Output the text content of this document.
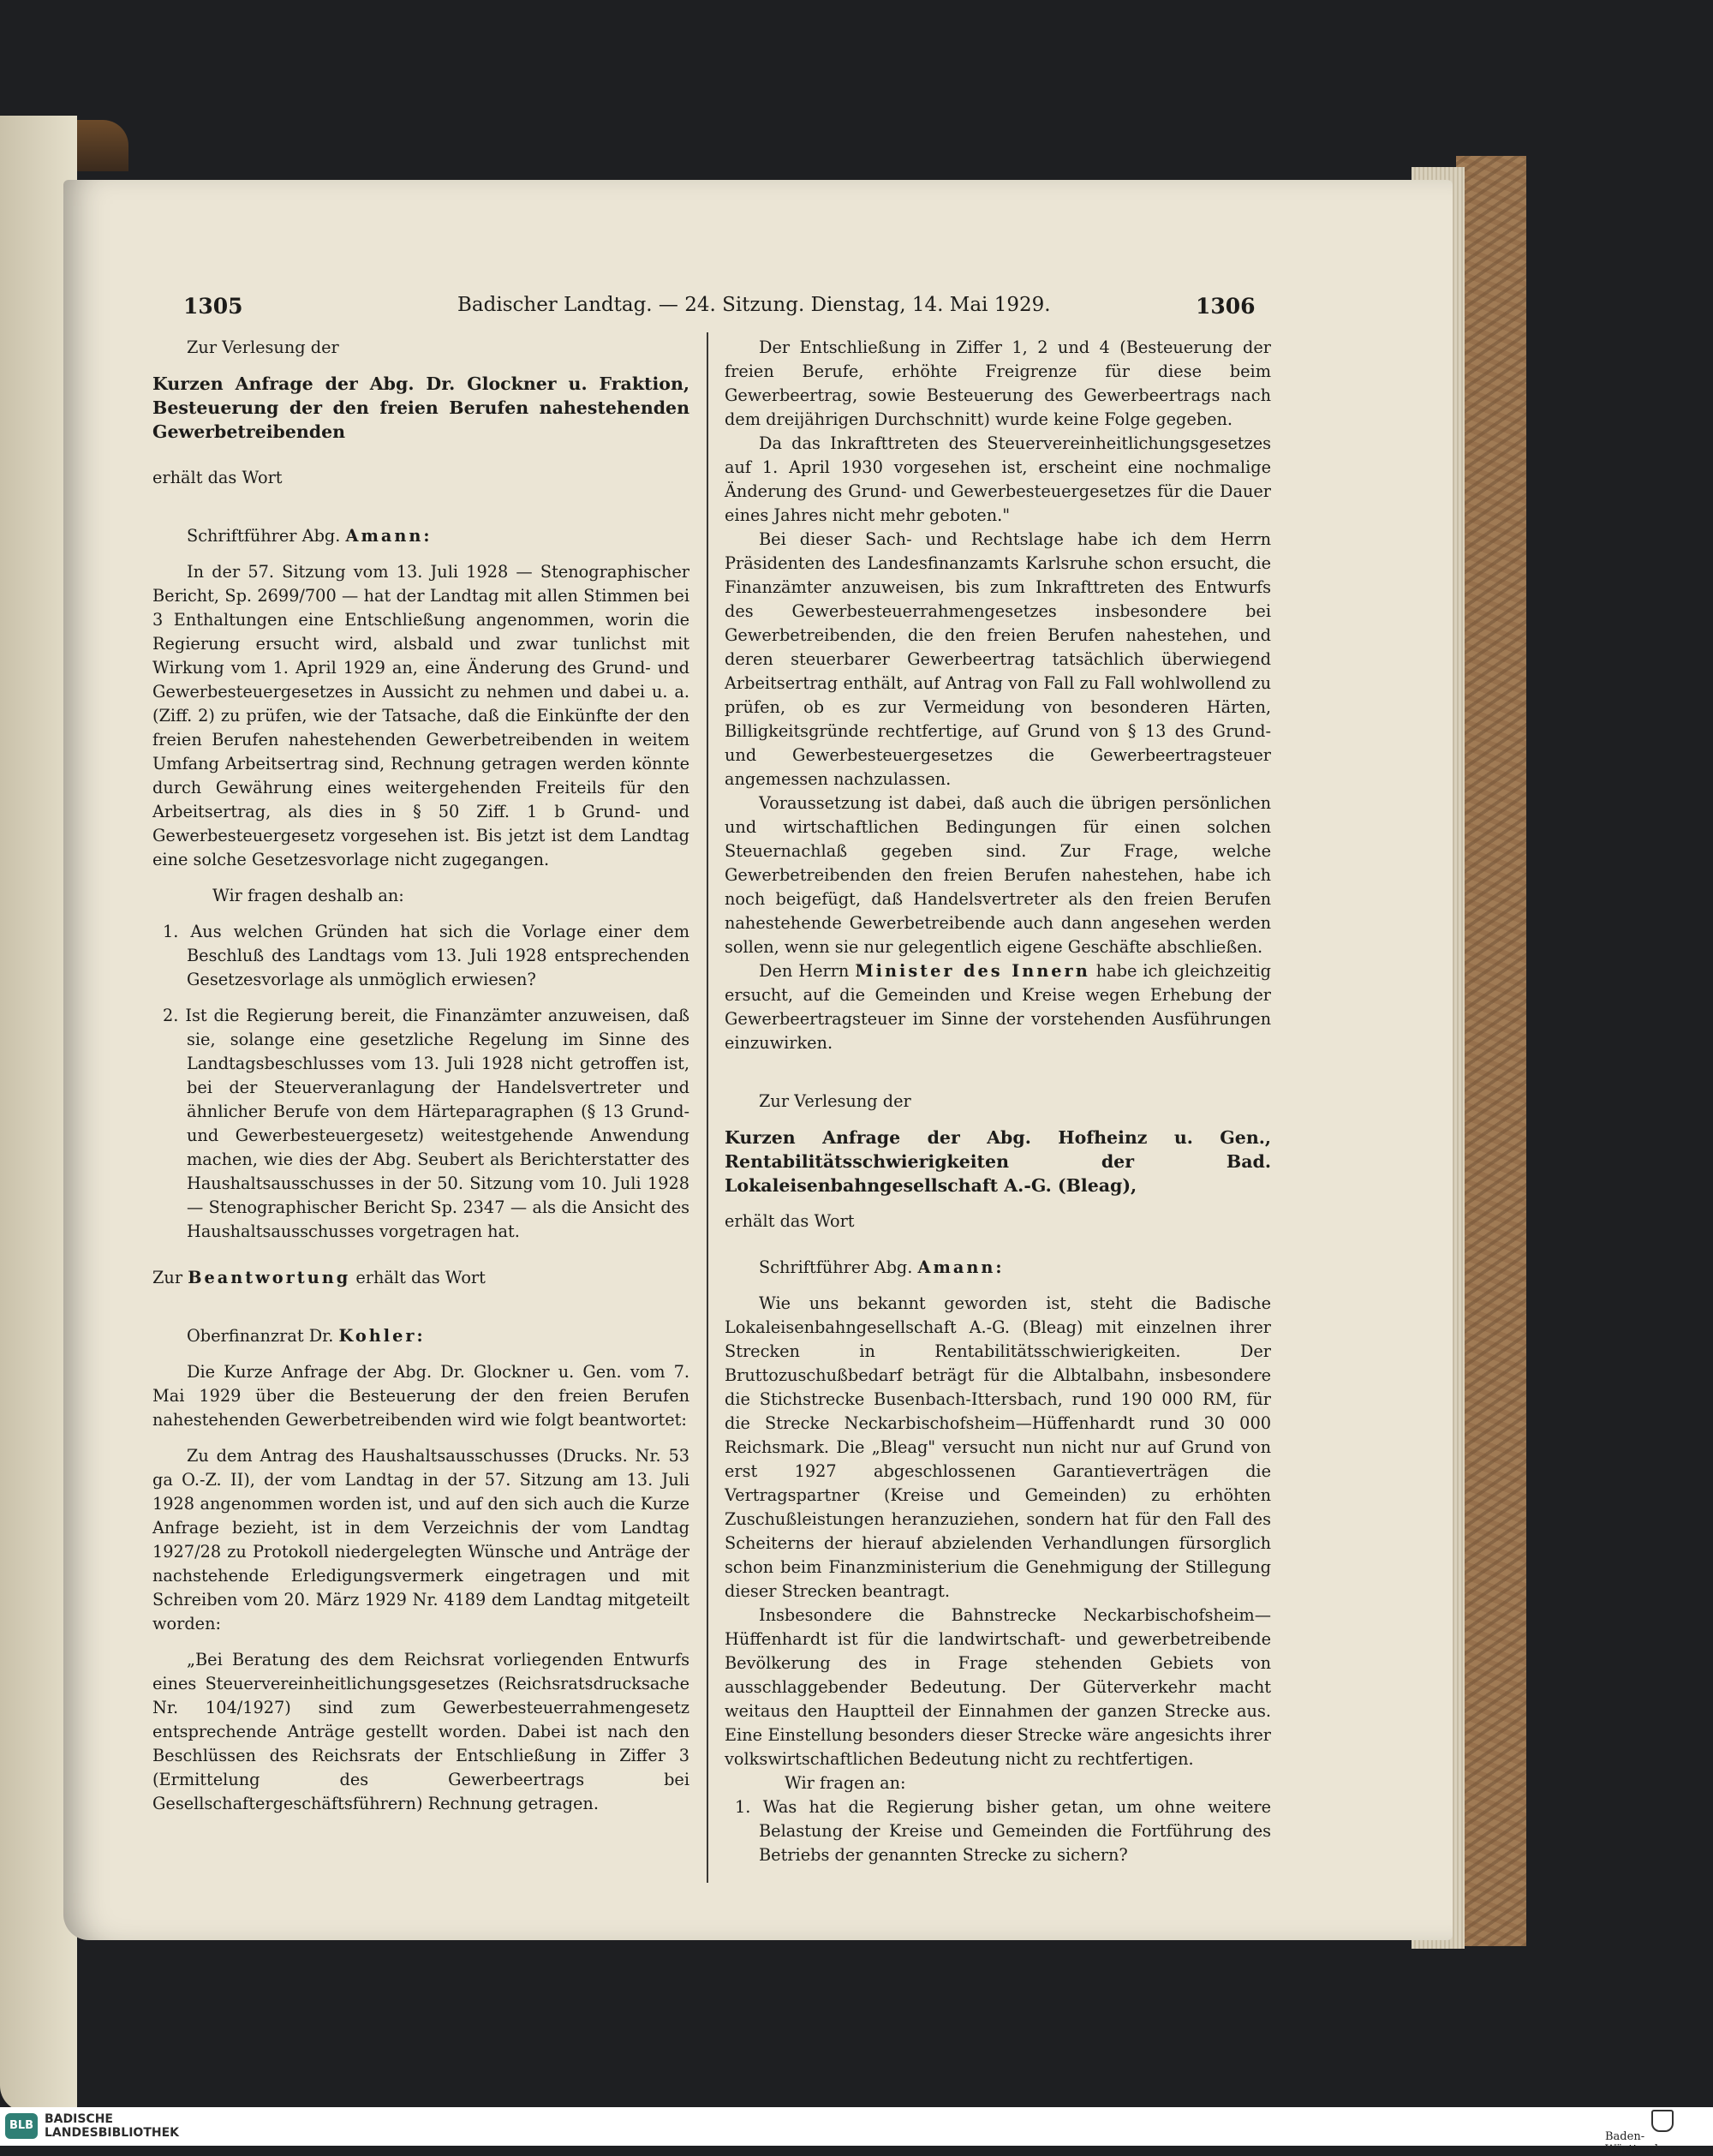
1305	Badischer Landtag. — 24. Sitzung. Dienstag, 14. Mai 1929.	1306

Zur Verlesung der

Kurzen Anfrage der Abg. Dr. Glockner u. Fraktion, Besteuerung der den freien Berufen nahestehenden Gewerbetreibenden

erhält das Wort

Schriftführer Abg. Amann:

In der 57. Sitzung vom 13. Juli 1928 — Stenographischer Bericht, Sp. 2699/700 — hat der Landtag mit allen Stimmen bei 3 Enthaltungen eine Entschließung angenommen, worin die Regierung ersucht wird, alsbald und zwar tunlichst mit Wirkung vom 1. April 1929 an, eine Änderung des Grund- und Gewerbesteuergesetzes in Aussicht zu nehmen und dabei u. a. (Ziff. 2) zu prüfen, wie der Tatsache, daß die Einkünfte der den freien Berufen nahestehenden Gewerbetreibenden in weitem Umfang Arbeitsertrag sind, Rechnung getragen werden könnte durch Gewährung eines weitergehenden Freiteils für den Arbeitsertrag, als dies in § 50 Ziff. 1 b Grund- und Gewerbesteuergesetz vorgesehen ist. Bis jetzt ist dem Landtag eine solche Gesetzesvorlage nicht zugegangen.

Wir fragen deshalb an:

1. Aus welchen Gründen hat sich die Vorlage einer dem Beschluß des Landtags vom 13. Juli 1928 entsprechenden Gesetzesvorlage als unmöglich erwiesen?

2. Ist die Regierung bereit, die Finanzämter anzuweisen, daß sie, solange eine gesetzliche Regelung im Sinne des Landtagsbeschlusses vom 13. Juli 1928 nicht getroffen ist, bei der Steuerveranlagung der Handelsvertreter und ähnlicher Berufe von dem Härteparagraphen (§ 13 Grund- und Gewerbesteuergesetz) weitestgehende Anwendung machen, wie dies der Abg. Seubert als Berichterstatter des Haushaltsausschusses in der 50. Sitzung vom 10. Juli 1928 — Stenographischer Bericht Sp. 2347 — als die Ansicht des Haushaltsausschusses vorgetragen hat.

Zur Beantwortung erhält das Wort

Oberfinanzrat Dr. Kohler:

Die Kurze Anfrage der Abg. Dr. Glockner u. Gen. vom 7. Mai 1929 über die Besteuerung der den freien Berufen nahestehenden Gewerbetreibenden wird wie folgt beantwortet:

Zu dem Antrag des Haushaltsausschusses (Drucks. Nr. 53 ga O.-Z. II), der vom Landtag in der 57. Sitzung am 13. Juli 1928 angenommen worden ist, und auf den sich auch die Kurze Anfrage bezieht, ist in dem Verzeichnis der vom Landtag 1927/28 zu Protokoll niedergelegten Wünsche und Anträge der nachstehende Erledigungsvermerk eingetragen und mit Schreiben vom 20. März 1929 Nr. 4189 dem Landtag mitgeteilt worden:

„Bei Beratung des dem Reichsrat vorliegenden Entwurfs eines Steuervereinheitlichungsgesetzes (Reichsratsdrucksache Nr. 104/1927) sind zum Gewerbesteuerrahmengesetz entsprechende Anträge gestellt worden. Dabei ist nach den Beschlüssen des Reichsrats der Entschließung in Ziffer 3 (Ermittelung des Gewerbeertrags bei Gesellschaftergeschäftsführern) Rechnung getragen.

Der Entschließung in Ziffer 1, 2 und 4 (Besteuerung der freien Berufe, erhöhte Freigrenze für diese beim Gewerbeertrag, sowie Besteuerung des Gewerbeertrags nach dem dreijährigen Durchschnitt) wurde keine Folge gegeben.

Da das Inkrafttreten des Steuervereinheitlichungsgesetzes auf 1. April 1930 vorgesehen ist, erscheint eine nochmalige Änderung des Grund- und Gewerbesteuergesetzes für die Dauer eines Jahres nicht mehr geboten."

Bei dieser Sach- und Rechtslage habe ich dem Herrn Präsidenten des Landesfinanzamts Karlsruhe schon ersucht, die Finanzämter anzuweisen, bis zum Inkrafttreten des Entwurfs des Gewerbesteuerrahmengesetzes insbesondere bei Gewerbetreibenden, die den freien Berufen nahestehen, und deren steuerbarer Gewerbeertrag tatsächlich überwiegend Arbeitsertrag enthält, auf Antrag von Fall zu Fall wohlwollend zu prüfen, ob es zur Vermeidung von besonderen Härten, Billigkeitsgründe rechtfertige, auf Grund von § 13 des Grund- und Gewerbesteuergesetzes die Gewerbeertragsteuer angemessen nachzulassen.

Voraussetzung ist dabei, daß auch die übrigen persönlichen und wirtschaftlichen Bedingungen für einen solchen Steuernachlaß gegeben sind. Zur Frage, welche Gewerbetreibenden den freien Berufen nahestehen, habe ich noch beigefügt, daß Handelsvertreter als den freien Berufen nahestehende Gewerbetreibende auch dann angesehen werden sollen, wenn sie nur gelegentlich eigene Geschäfte abschließen.

Den Herrn Minister des Innern habe ich gleichzeitig ersucht, auf die Gemeinden und Kreise wegen Erhebung der Gewerbeertragsteuer im Sinne der vorstehenden Ausführungen einzuwirken.

Zur Verlesung der

Kurzen Anfrage der Abg. Hofheinz u. Gen., Rentabilitätsschwierigkeiten der Bad. Lokaleisenbahngesellschaft A.-G. (Bleag),

erhält das Wort

Schriftführer Abg. Amann:

Wie uns bekannt geworden ist, steht die Badische Lokaleisenbahngesellschaft A.-G. (Bleag) mit einzelnen ihrer Strecken in Rentabilitätsschwierigkeiten. Der Bruttozuschußbedarf beträgt für die Albtalbahn, insbesondere die Stichstrecke Busenbach-Ittersbach, rund 190 000 RM, für die Strecke Neckarbischofsheim—Hüffenhardt rund 30 000 Reichsmark. Die „Bleag" versucht nun nicht nur auf Grund von erst 1927 abgeschlossenen Garantieverträgen die Vertragspartner (Kreise und Gemeinden) zu erhöhten Zuschußleistungen heranzuziehen, sondern hat für den Fall des Scheiterns der hierauf abzielenden Verhandlungen fürsorglich schon beim Finanzministerium die Genehmigung der Stillegung dieser Strecken beantragt.

Insbesondere die Bahnstrecke Neckarbischofsheim—Hüffenhardt ist für die landwirtschaft- und gewerbetreibende Bevölkerung des in Frage stehenden Gebiets von ausschlaggebender Bedeutung. Der Güterverkehr macht weitaus den Hauptteil der Einnahmen der ganzen Strecke aus. Eine Einstellung besonders dieser Strecke wäre angesichts ihrer volkswirtschaftlichen Bedeutung nicht zu rechtfertigen.

Wir fragen an:

1. Was hat die Regierung bisher getan, um ohne weitere Belastung der Kreise und Gemeinden die Fortführung des Betriebs der genannten Strecke zu sichern?

BLB BADISCHE
LANDESBIBLIOTHEK	Baden-Württemberg
